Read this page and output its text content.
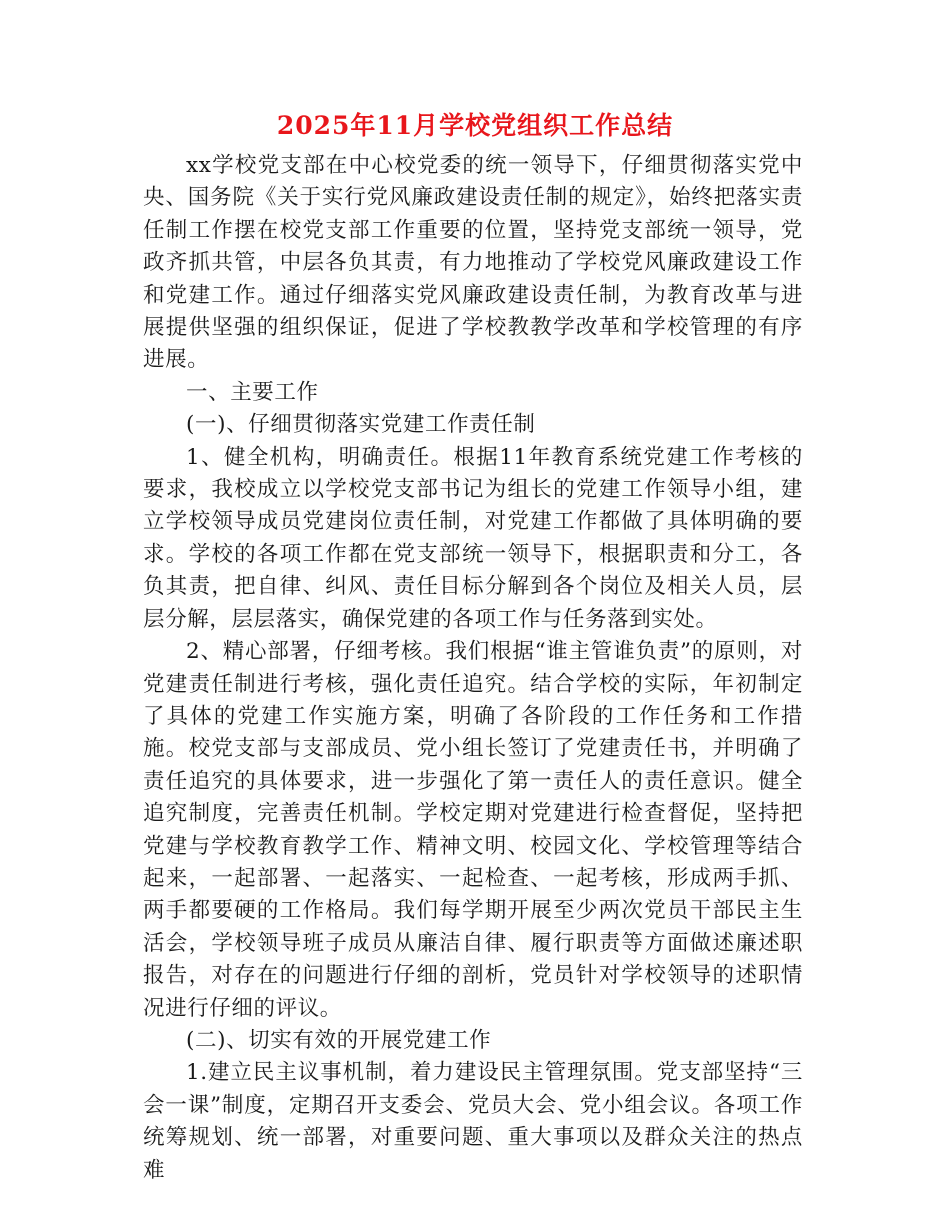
2025年11月学校党组织工作总结

xx学校党支部在中心校党委的统一领导下，仔细贯彻落实党中央、国务院《关于实行党风廉政建设责任制的规定》，始终把落实责任制工作摆在校党支部工作重要的位置，坚持党支部统一领导，党政齐抓共管，中层各负其责，有力地推动了学校党风廉政建设工作和党建工作。通过仔细落实党风廉政建设责任制，为教育改革与进展提供坚强的组织保证，促进了学校教教学改革和学校管理的有序进展。

一、主要工作

(一)、仔细贯彻落实党建工作责任制

1、健全机构，明确责任。根据11年教育系统党建工作考核的要求，我校成立以学校党支部书记为组长的党建工作领导小组，建立学校领导成员党建岗位责任制，对党建工作都做了具体明确的要求。学校的各项工作都在党支部统一领导下，根据职责和分工，各负其责，把自律、纠风、责任目标分解到各个岗位及相关人员，层层分解，层层落实，确保党建的各项工作与任务落到实处。

2、精心部署，仔细考核。我们根据“谁主管谁负责”的原则，对党建责任制进行考核，强化责任追究。结合学校的实际，年初制定了具体的党建工作实施方案，明确了各阶段的工作任务和工作措施。校党支部与支部成员、党小组长签订了党建责任书，并明确了责任追究的具体要求，进一步强化了第一责任人的责任意识。健全追究制度，完善责任机制。学校定期对党建进行检查督促，坚持把党建与学校教育教学工作、精神文明、校园文化、学校管理等结合起来，一起部署、一起落实、一起检查、一起考核，形成两手抓、两手都要硬的工作格局。我们每学期开展至少两次党员干部民主生活会，学校领导班子成员从廉洁自律、履行职责等方面做述廉述职报告，对存在的问题进行仔细的剖析，党员针对学校领导的述职情况进行仔细的评议。

(二)、切实有效的开展党建工作

1.建立民主议事机制，着力建设民主管理氛围。党支部坚持“三会一课”制度，定期召开支委会、党员大会、党小组会议。各项工作统筹规划、统一部署，对重要问题、重大事项以及群众关注的热点难
